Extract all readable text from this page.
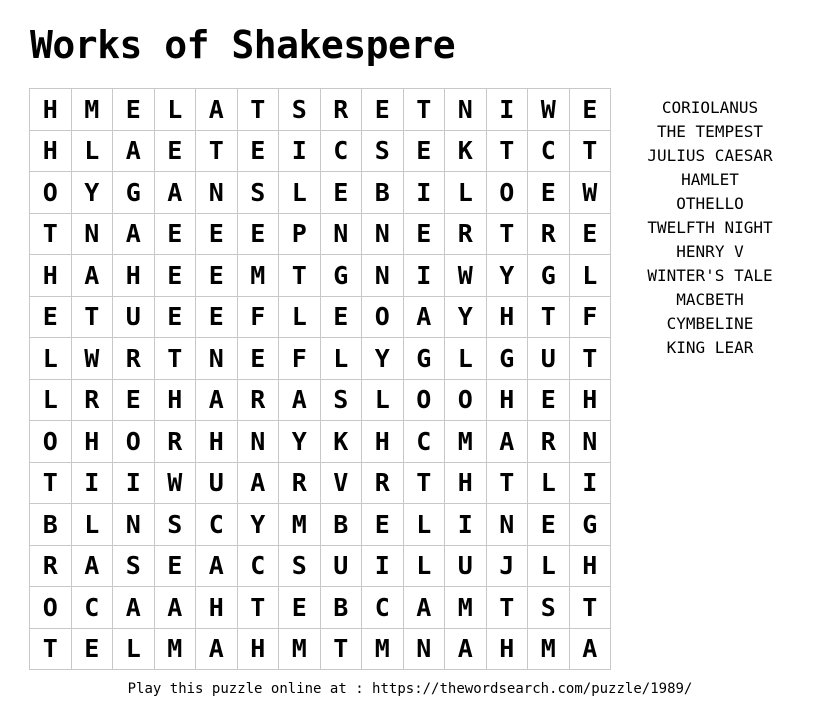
Works of Shakespere
H	M	E	L	A	T	S	R	E	T	N	I	W	E
H	L	A	E	T	E	I	C	S	E	K	T	C	T
O	Y	G	A	N	S	L	E	B	I	L	O	E	W
T	N	A	E	E	E	P	N	N	E	R	T	R	E
H	A	H	E	E	M	T	G	N	I	W	Y	G	L
E	T	U	E	E	F	L	E	O	A	Y	H	T	F
L	W	R	T	N	E	F	L	Y	G	L	G	U	T
L	R	E	H	A	R	A	S	L	O	O	H	E	H
O	H	O	R	H	N	Y	K	H	C	M	A	R	N
T	I	I	W	U	A	R	V	R	T	H	T	L	I
B	L	N	S	C	Y	M	B	E	L	I	N	E	G
R	A	S	E	A	C	S	U	I	L	U	J	L	H
O	C	A	A	H	T	E	B	C	A	M	T	S	T
T	E	L	M	A	H	M	T	M	N	A	H	M	A
CORIOLANUS
THE TEMPEST
JULIUS CAESAR
HAMLET
OTHELLO
TWELFTH NIGHT
HENRY V
WINTER'S TALE
MACBETH
CYMBELINE
KING LEAR
Play this puzzle online at : https://thewordsearch.com/puzzle/1989/
